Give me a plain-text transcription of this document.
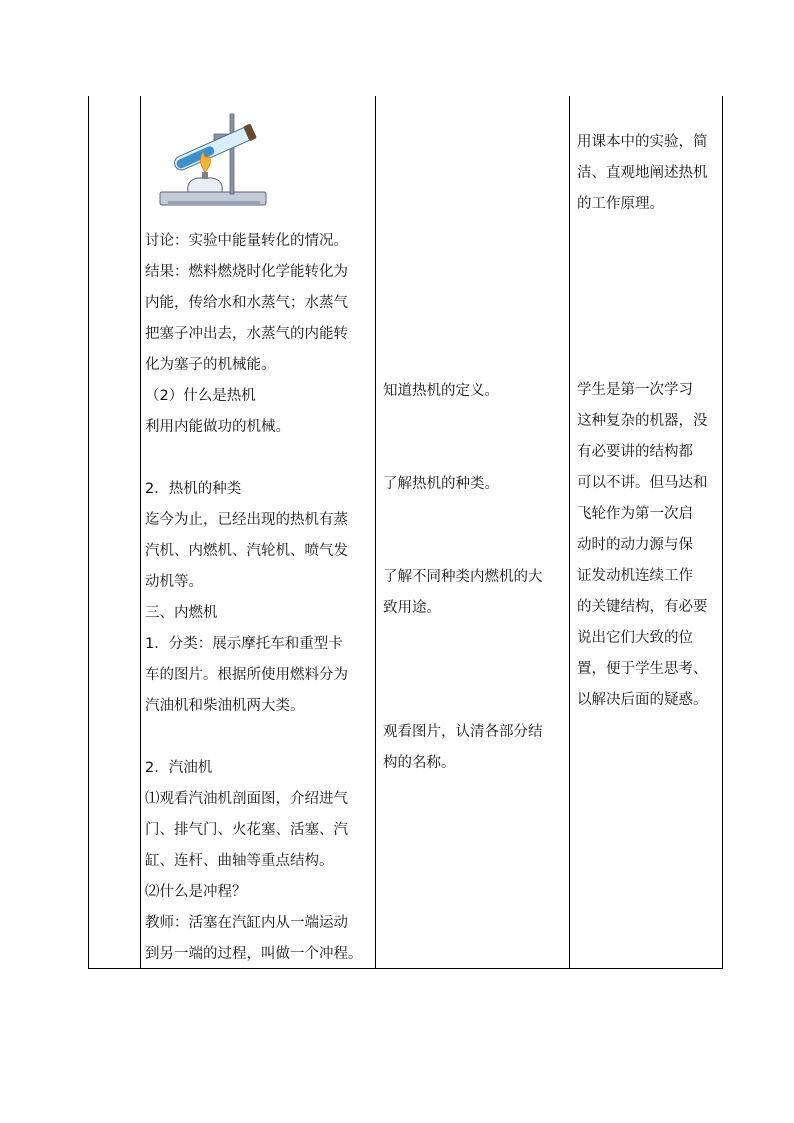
讨论：实验中能量转化的情况。

结果：燃料燃烧时化学能转化为

内能，传给水和水蒸气；水蒸气

把塞子冲出去，水蒸气的内能转

化为塞子的机械能。

（2）什么是热机

利用内能做功的机械。

2．热机的种类

迄今为止，已经出现的热机有蒸

汽机、内燃机、汽轮机、喷气发

动机等。

三、内燃机

1．分类：展示摩托车和重型卡

车的图片。根据所使用燃料分为

汽油机和柴油机两大类。

2．汽油机

⑴观看汽油机剖面图，介绍进气

门、排气门、火花塞、活塞、汽

缸、连杆、曲轴等重点结构。

⑵什么是冲程？

教师：活塞在汽缸内从一端运动

到另一端的过程，叫做一个冲程。

知道热机的定义。

了解热机的种类。

了解不同种类内燃机的大

致用途。

观看图片，认清各部分结

构的名称。

用课本中的实验，简

洁、直观地阐述热机

的工作原理。

学生是第一次学习

这种复杂的机器，没

有必要讲的结构都

可以不讲。但马达和

飞轮作为第一次启

动时的动力源与保

证发动机连续工作

的关键结构，有必要

说出它们大致的位

置，便于学生思考、

以解决后面的疑惑。
